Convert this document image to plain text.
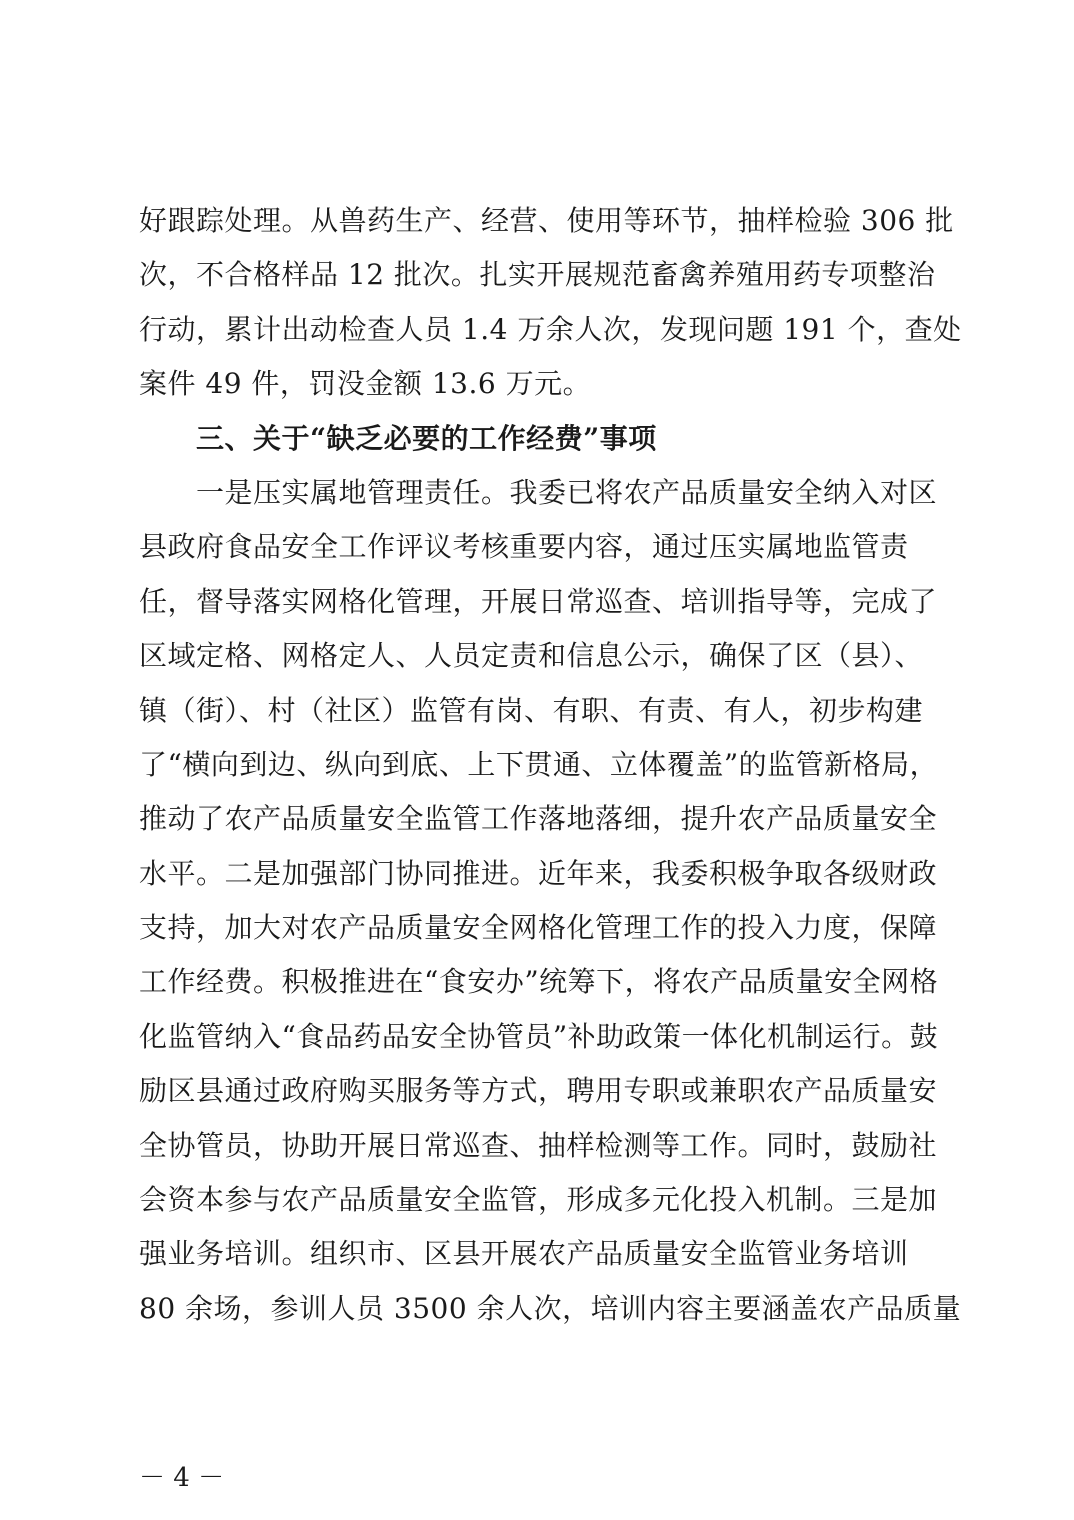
好跟踪处理。从兽药生产、经营、使用等环节，抽样检验 306 批
次，不合格样品 12 批次。扎实开展规范畜禽养殖用药专项整治
行动，累计出动检查人员 1.4 万余人次，发现问题 191 个，查处
案件 49 件，罚没金额 13.6 万元。
　　三、关于“缺乏必要的工作经费”事项
　　一是压实属地管理责任。我委已将农产品质量安全纳入对区
县政府食品安全工作评议考核重要内容，通过压实属地监管责
任，督导落实网格化管理，开展日常巡查、培训指导等，完成了
区域定格、网格定人、人员定责和信息公示，确保了区（县）、
镇（街）、村（社区）监管有岗、有职、有责、有人，初步构建
了“横向到边、纵向到底、上下贯通、立体覆盖”的监管新格局，
推动了农产品质量安全监管工作落地落细，提升农产品质量安全
水平。二是加强部门协同推进。近年来，我委积极争取各级财政
支持，加大对农产品质量安全网格化管理工作的投入力度，保障
工作经费。积极推进在“食安办”统筹下，将农产品质量安全网格
化监管纳入“食品药品安全协管员”补助政策一体化机制运行。鼓
励区县通过政府购买服务等方式，聘用专职或兼职农产品质量安
全协管员，协助开展日常巡查、抽样检测等工作。同时，鼓励社
会资本参与农产品质量安全监管，形成多元化投入机制。三是加
强业务培训。组织市、区县开展农产品质量安全监管业务培训
80 余场，参训人员 3500 余人次，培训内容主要涵盖农产品质量
－ 4 －
